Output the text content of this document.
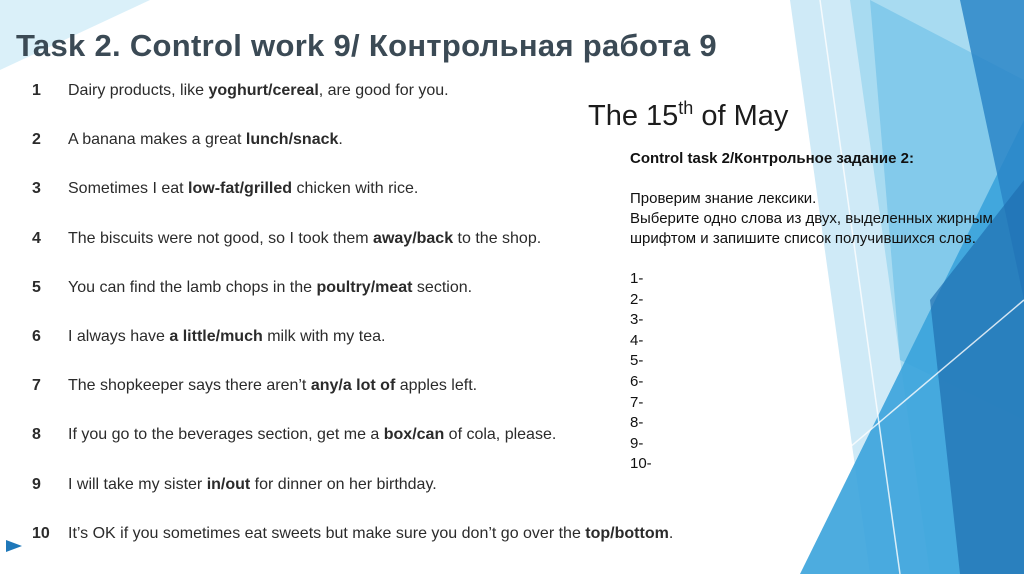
Task 2. Control work 9/ Контрольная работа 9
1	Dairy products, like yoghurt/cereal, are good for you.
2	A banana makes a great lunch/snack.
3	Sometimes I eat low-fat/grilled chicken with rice.
4	The biscuits were not good, so I took them away/back to the shop.
5	You can find the lamb chops in the poultry/meat section.
6	I always have a little/much milk with my tea.
7	The shopkeeper says there aren’t any/a lot of apples left.
8	If you go to the beverages section, get me a box/can of cola, please.
9	I will take my sister in/out for dinner on her birthday.
10	It’s OK if you sometimes eat sweets but make sure you don’t go over the top/bottom.
The 15th of May
Control task 2/Контрольное задание 2:
Проверим знание лексики.
Выберите одно слова из двух, выделенных жирным шрифтом и запишите список получившихся слов.
1-
2-
3-
4-
5-
6-
7-
8-
9-
10-
